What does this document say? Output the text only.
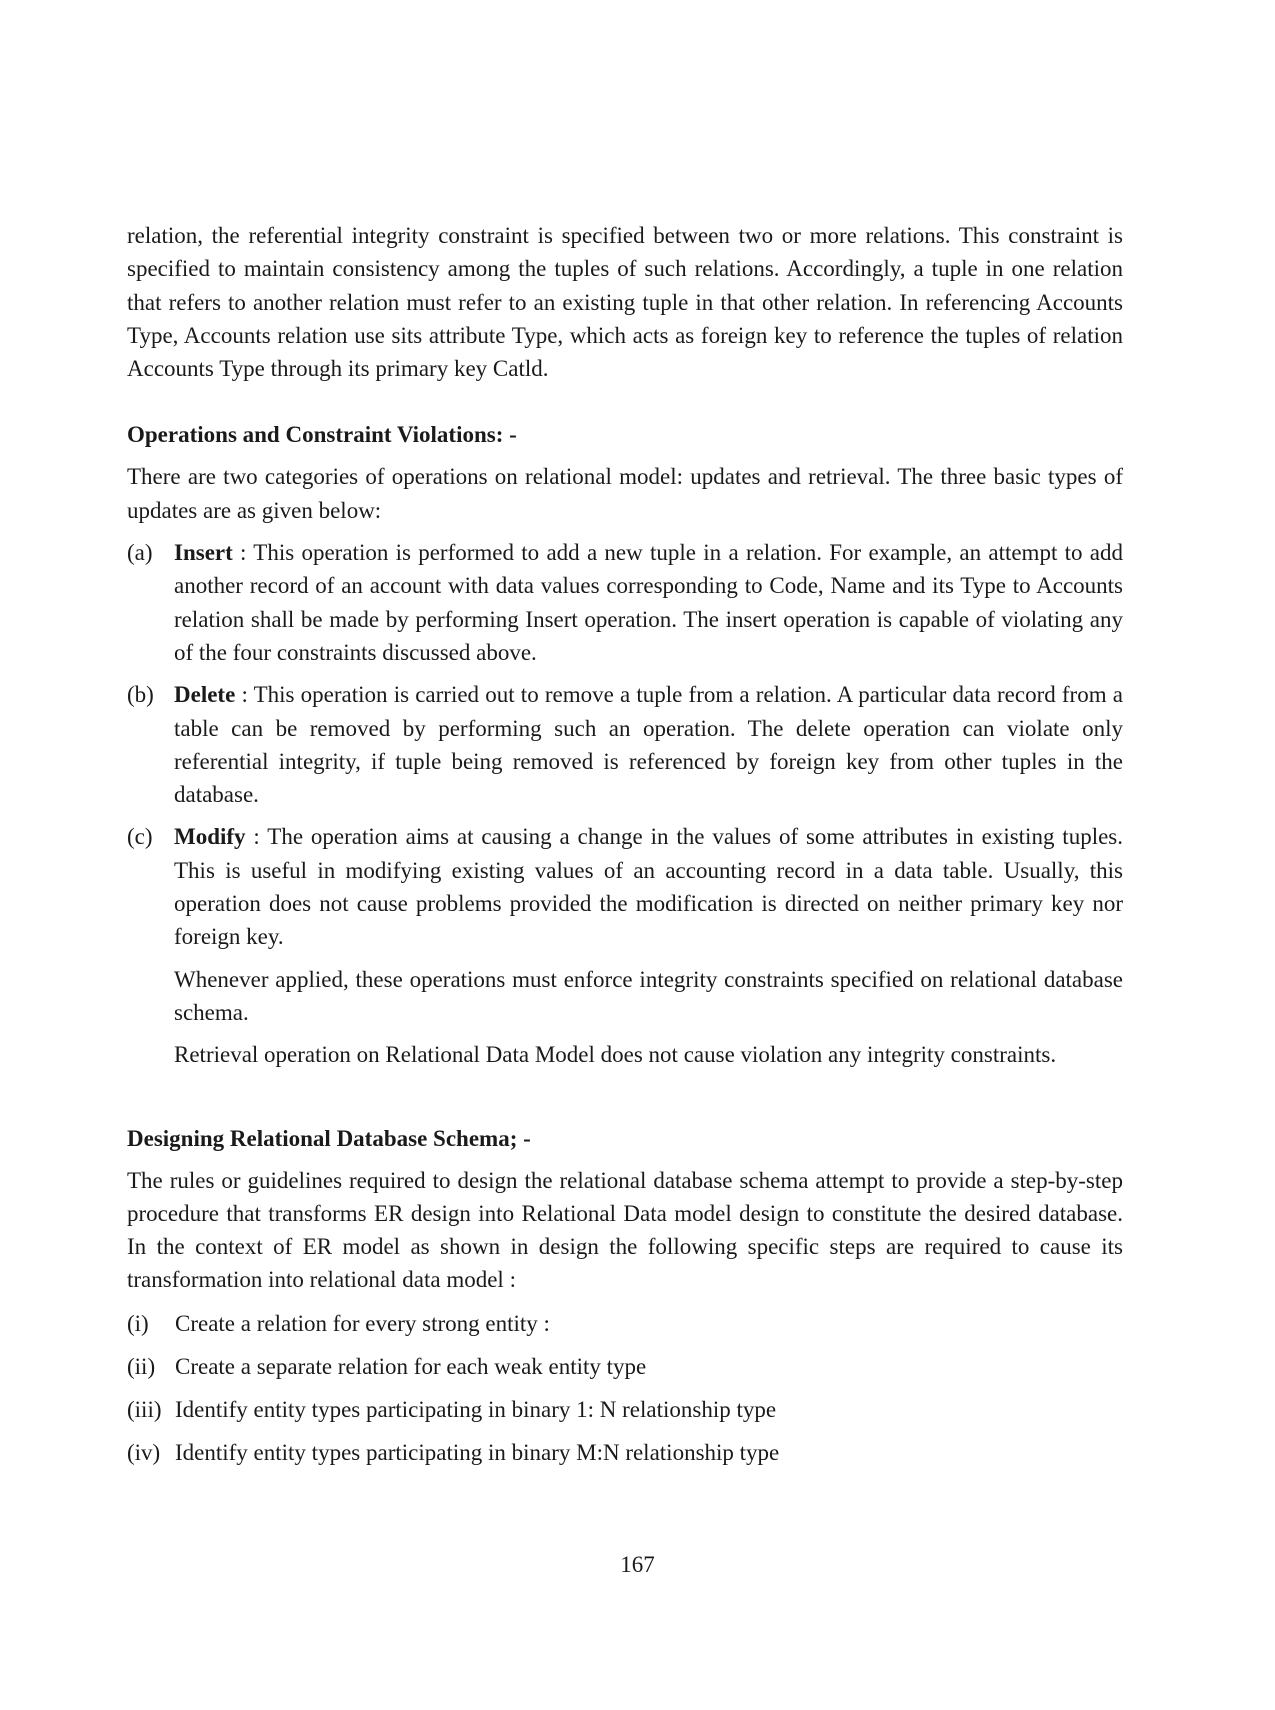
relation, the referential integrity constraint is specified between two or more relations. This constraint is specified to maintain consistency among the tuples of such relations. Accordingly, a tuple in one relation that refers to another relation must refer to an existing tuple in that other relation. In referencing Accounts Type, Accounts relation use sits attribute Type, which acts as foreign key to reference the tuples of relation Accounts Type through its primary key Catld.

Operations and Constraint Violations: -

There are two categories of operations on relational model: updates and retrieval. The three basic types of updates are as given below:

(a) Insert : This operation is performed to add a new tuple in a relation. For example, an attempt to add another record of an account with data values corresponding to Code, Name and its Type to Accounts relation shall be made by performing Insert operation. The insert operation is capable of violating any of the four constraints discussed above.

(b) Delete : This operation is carried out to remove a tuple from a relation. A particular data record from a table can be removed by performing such an operation. The delete operation can violate only referential integrity, if tuple being removed is referenced by foreign key from other tuples in the database.

(c) Modify : The operation aims at causing a change in the values of some attributes in existing tuples. This is useful in modifying existing values of an accounting record in a data table. Usually, this operation does not cause problems provided the modification is directed on neither primary key nor foreign key.

Whenever applied, these operations must enforce integrity constraints specified on relational database schema.

Retrieval operation on Relational Data Model does not cause violation any integrity constraints.

Designing Relational Database Schema; -

The rules or guidelines required to design the relational database schema attempt to provide a step-by-step procedure that transforms ER design into Relational Data model design to constitute the desired database. In the context of ER model as shown in design the following specific steps are required to cause its transformation into relational data model :

(i)	Create a relation for every strong entity :
(ii) Create a separate relation for each weak entity type
(iii) Identify entity types participating in binary 1: N relationship type
(iv) Identify entity types participating in binary M:N relationship type
167
